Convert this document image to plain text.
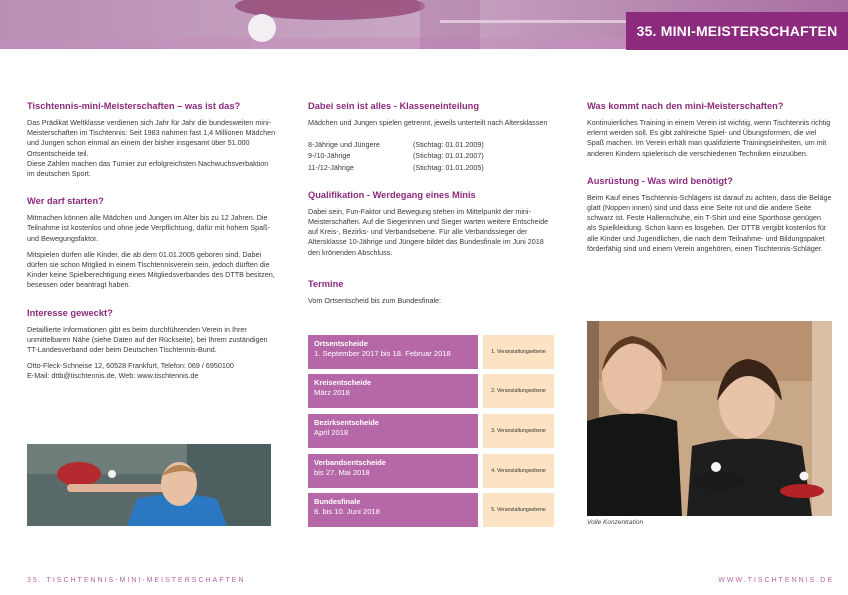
35. MINI-MEISTERSCHAFTEN
Tischtennis-mini-Meisterschaften – was ist das?
Das Prädikat Weltklasse verdienen sich Jahr für Jahr die bundesweiten mini-Meisterschaften im Tischtennis: Seit 1983 nahmen fast 1,4 Millionen Mädchen und Jungen schon einmal an einem der bisher insgesamt über 51.000 Ortsentscheide teil.
Diese Zahlen machen das Turnier zur erfolgreichsten Nachwuchsverbaktion im deutschen Sport.
Wer darf starten?
Mitmachen können alle Mädchen und Jungen im Alter bis zu 12 Jahren. Die Teilnahme ist kostenlos und ohne jede Verpflichtung, dafür mit hohem Spaß- und Bewegungsfaktor.
Mitspielen dürfen alle Kinder, die ab dem 01.01.2005 geboren sind. Dabei dürfen sie schon Mitglied in einem Tischtennisverein sein, jedoch dürften die Kinder keine Spielberechtigung eines Mitgliedsverbandes des DTTB besitzen, besessen oder beantragt haben.
Interesse geweckt?
Detaillierte Informationen gibt es beim durchführenden Verein in Ihrer unmittelbaren Nähe (siehe Daten auf der Rückseite), bei Ihrem zuständigen TT-Landesverband oder beim Deutschen Tischtennis-Bund.
Otto-Fleck-Schneise 12, 60528 Frankfurt, Telefon: 069 / 6950100
E-Mail: dttb@tischtennis.de, Web: www.tischtennis.de
Dabei sein ist alles - Klasseneinteilung
Mädchen und Jungen spielen getrennt, jeweils unterteilt nach Altersklassen
8-Jährige und Jüngere	(Stichtag: 01.01.2009)
9-/10-Jährige	(Stichtag: 01.01.2007)
11-/12-Jährige	(Stichtag: 01.01.2005)
Qualifikation - Werdegang eines Minis
Dabei sein, Fun-Faktor und Bewegung stehen im Mittelpunkt der mini-Meisterschaften. Auf die Siegerinnen und Sieger warten weitere Entscheide auf Kreis-, Bezirks- und Verbandsebene. Für alle Verbandssieger der Altersklasse 10-Jährige und Jüngere bildet das Bundesfinale im Juni 2018 den krönenden Abschluss.
Termine
Vom Ortsentscheid bis zum Bundesfinale:
Ortsentscheide
1. September 2017 bis 18. Februar 2018	1. Veranstaltungsebene
Kreisentscheide
März 2018	2. Veranstaltungsebene
Bezirksentscheide
April 2018	3. Veranstaltungsebene
Verbandsentscheide
bis 27. Mai 2018	4. Veranstaltungsebene
Bundesfinale
8. bis 10. Juni 2018	5. Veranstaltungsebene
Was kommt nach den mini-Meisterschaften?
Kontinuierliches Training in einem Verein ist wichtig, wenn Tischtennis richtig erlernt werden soll. Es gibt zahlreiche Spiel- und Übungsformen, die viel Spaß machen. Im Verein erhält man qualifizierte Trainingseinheiten, um mit anderen Kindern spielerisch die verschiedenen Techniken einzuüben.
Ausrüstung - Was wird benötigt?
Beim Kauf eines Tischtennis-Schlägers ist darauf zu achten, dass die Beläge glatt (Noppen innen) sind und dass eine Seite rot und die andere Seite schwarz ist. Feste Hallenschuhe, ein T-Shirt und eine Sporthose genügen als Spielkleidung. Schon kann es losgehen. Der DTTB vergibt kostenlos für alle Kinder und Jugendlichen, die nach dem Teilnahme- und Bildungspaket förderfähig sind und einem Verein angehören, einen Tischtennis-Schläger.
Volle Konzentration
35. TISCHTENNIS-MINI-MEISTERSCHAFTEN	WWW.TISCHTENNIS.DE
